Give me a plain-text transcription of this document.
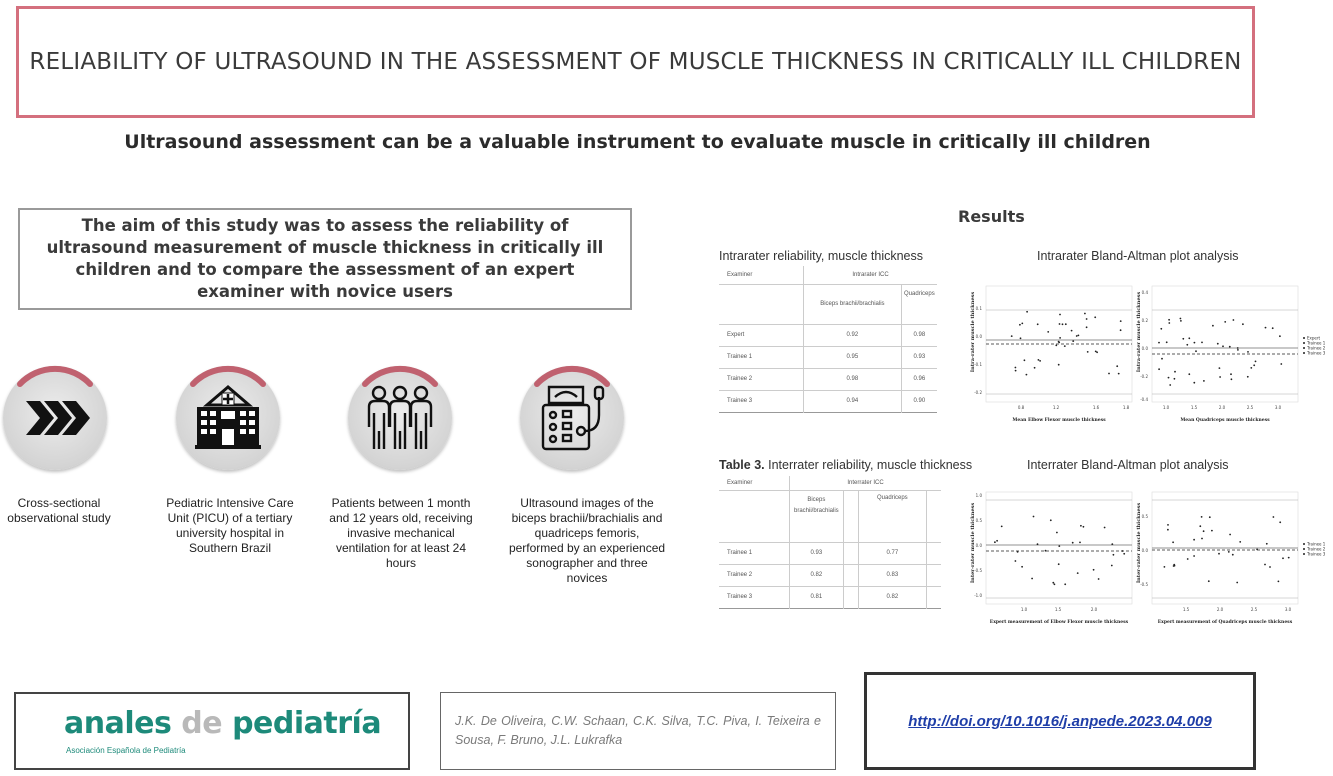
RELIABILITY OF ULTRASOUND IN THE ASSESSMENT OF MUSCLE THICKNESS IN CRITICALLY ILL CHILDREN
Ultrasound assessment can be a valuable instrument to evaluate muscle in critically ill children
The aim of this study was to assess the reliability of ultrasound measurement of muscle thickness in critically ill children and to compare the assessment of an expert examiner with novice users
Cross-sectional observational study
Pediatric Intensive Care Unit (PICU) of a tertiary university hospital in Southern Brazil
Patients between 1 month and 12 years old, receiving invasive mechanical ventilation for at least 24 hours
Ultrasound images of the biceps brachii/brachialis and quadriceps femoris, performed by an experienced sonographer and three novices
Results
Intrarater reliability, muscle thickness
Examiner	Intrarater ICC	
	Biceps brachii/brachialis	Quadriceps
Expert	0.92	0.98
Trainee 1	0.95	0.93
Trainee 2	0.98	0.96
Trainee 3	0.94	0.90
Intrarater Bland-Altman plot analysis
Intra-rater muscle thickness 0.1
0.0
-0.1
-0.2
0.8	1.2	1.6	1.8
Mean Elbow Flexor muscle thickness
Intra-rater muscle thickness 0.4
0.2
0.0
-0.2
-0.4
1.0	1.5	2.0	2.5	3.0
Mean Quadriceps muscle thickness
Expert
Trainee 1
Trainee 2
Trainee 3
Table 3. Interrater reliability, muscle thickness
Examiner	Interrater ICC			
	Biceps brachii/brachialis		Quadriceps	
Trainee 1	0.93		0.77	
Trainee 2	0.82		0.83	
Trainee 3	0.81		0.82	
Interrater Bland-Altman plot analysis
Inter-rater muscle thickness
1.0
0.5
0.0
-0.5
-1.0
1.0	1.5	2.0
Expert measurement of Elbow Flexor muscle thickness
Inter-rater muscle thickness 0.5
0.0
-0.5
1.5	2.0	2.5	3.0
Expert measurement of Quadriceps muscle thickness
Trainee 1
Trainee 2
Trainee 3
anales de pediatría
Asociación Española de Pediatría
J.K. De Oliveira, C.W. Schaan, C.K. Silva, T.C. Piva, I. Teixeira e Sousa, F. Bruno, J.L. Lukrafka
http://doi.org/10.1016/j.anpede.2023.04.009
